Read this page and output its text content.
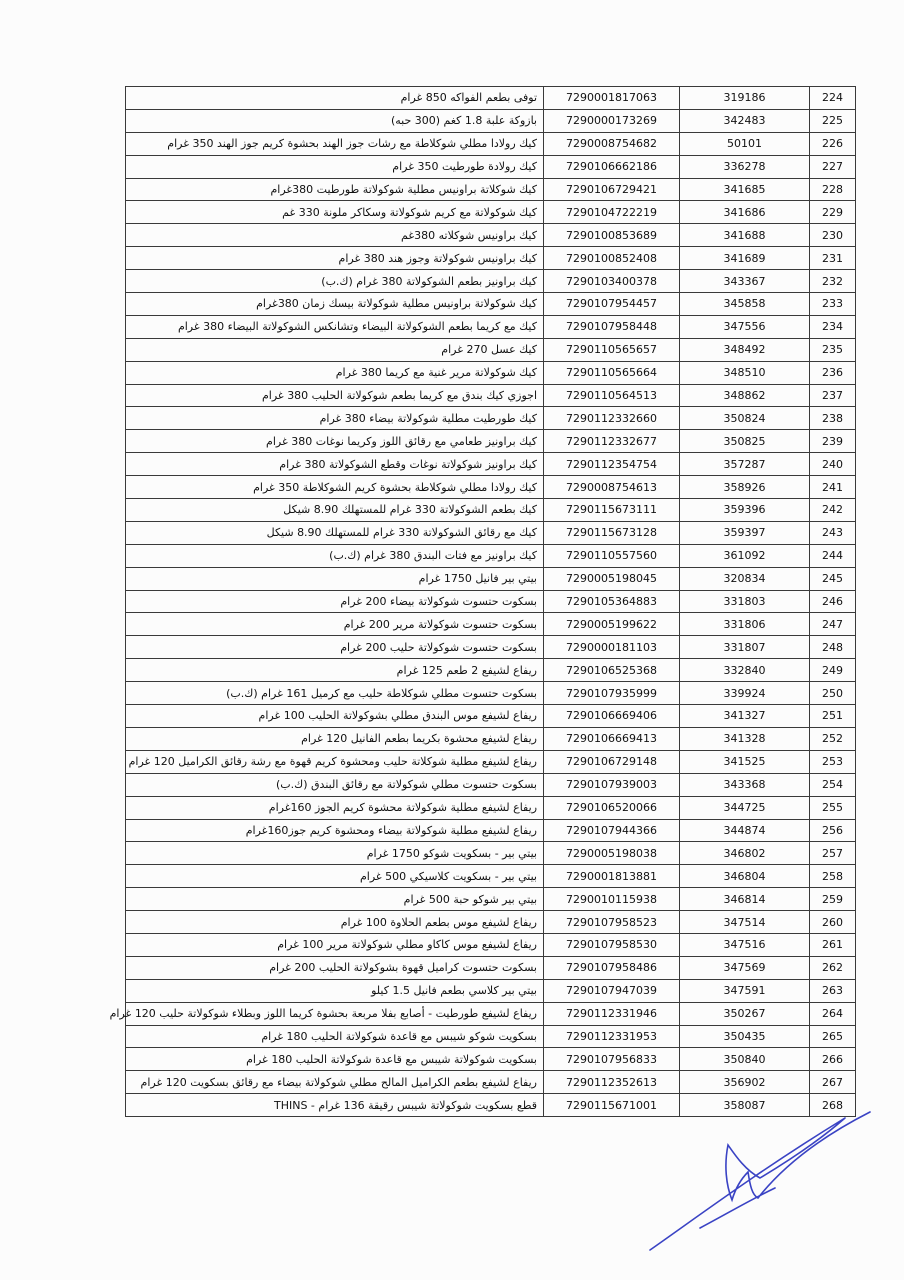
توفى بطعم الفواكه 850 غرام	7290001817063	319186	224
بازوكة علبة 1.8 كغم (300 حبه)	7290000173269	342483	225
كيك رولادا مطلي شوكلاطة مع رشات جوز الهند بحشوة كريم جوز الهند 350 غرام	7290008754682	50101	226
كيك رولادة طورطيت 350 غرام	7290106662186	336278	227
كيك شوكلاتة براونيس مطلية شوكولاتة طورطيت 380غرام	7290106729421	341685	228
كيك شوكولاتة مع كريم شوكولاتة وسكاكر ملونة 330 غم	7290104722219	341686	229
كيك براونيس شوكلاته 380غم	7290100853689	341688	230
كيك براونيس شوكولاتة وجوز هند 380 غرام	7290100852408	341689	231
كيك براونيز بطعم الشوكولاتة 380 غرام (ك.ب)	7290103400378	343367	232
كيك شوكولاتة براونيس مطلية شوكولاتة بيسك زمان 380غرام	7290107954457	345858	233
كيك مع كريما بطعم الشوكولاتة البيضاء وتشانكس الشوكولاتة البيضاء 380 غرام	7290107958448	347556	234
كيك عسل 270 غرام	7290110565657	348492	235
كيك شوكولاتة مرير غنية مع كريما 380 غرام	7290110565664	348510	236
اجوزي كيك بندق مع كريما بطعم شوكولاتة الحليب 380 غرام	7290110564513	348862	237
كيك طورطيت مطلية شوكولاتة بيضاء 380 غرام	7290112332660	350824	238
كيك براونيز طعامي مع رقائق اللوز وكريما نوغات 380 غرام	7290112332677	350825	239
كيك براونيز شوكولاتة نوغات وقطع الشوكولاتة 380 غرام	7290112354754	357287	240
كيك رولادا مطلي شوكلاطة بحشوة كريم الشوكلاطة 350 غرام	7290008754613	358926	241
كيك بطعم الشوكولاتة 330 غرام للمستهلك 8.90 شيكل	7290115673111	359396	242
كيك مع رقائق الشوكولاتة 330 غرام للمستهلك 8.90 شيكل	7290115673128	359397	243
كيك براونيز مع فتات البندق 380 غرام (ك.ب)	7290110557560	361092	244
بيتي بير فانيل 1750 غرام	7290005198045	320834	245
بسكوت حتسوت شوكولاتة بيضاء 200 غرام	7290105364883	331803	246
بسكوت حتسوت شوكولاتة مرير 200 غرام	7290005199622	331806	247
بسكوت حتسوت شوكولاتة حليب 200 غرام	7290000181103	331807	248
ريفاع لشيفع 2 طعم 125 غرام	7290106525368	332840	249
بسكوت حتسوت مطلي شوكلاطة حليب مع كرميل 161 غرام (ك.ب)	7290107935999	339924	250
ريفاع لشيفع موس البندق مطلي بشوكولاتة الحليب 100 غرام	7290106669406	341327	251
ريفاع لشيفع محشوة بكريما بطعم الفانيل 120 غرام	7290106669413	341328	252
ريفاع لشيفع مطلية شوكلاتة حليب ومحشوة كريم قهوة مع رشة رقائق الكراميل 120 غرام	7290106729148	341525	253
بسكوت حتسوت مطلي شوكولاتة مع رقائق البندق (ك.ب)	7290107939003	343368	254
ريفاع لشيفع مطلية شوكولاتة محشوة كريم الجوز 160غرام	7290106520066	344725	255
ريفاع لشيفع مطلية شوكولاتة بيضاء ومحشوة كريم جوز160غرام	7290107944366	344874	256
بيتي بير - بسكويت شوكو 1750 غرام	7290005198038	346802	257
بيتي بير - بسكويت كلاسيكي 500 غرام	7290001813881	346804	258
بيتي بير شوكو حبة 500 غرام	7290010115938	346814	259
ريفاع لشيفع موس بطعم الحلاوة 100 غرام	7290107958523	347514	260
ريفاع لشيفع موس كاكاو مطلي شوكولاتة مرير 100 غرام	7290107958530	347516	261
بسكوت حتسوت كراميل قهوة بشوكولاتة الحليب 200 غرام	7290107958486	347569	262
بيتي بير كلاسي بطعم فانيل 1.5 كيلو	7290107947039	347591	263
ريفاع لشيفع طورطيت - أصابع بفلا مربعة بحشوة كريما اللوز وبطلاء شوكولاتة حليب 120 غرام	7290112331946	350267	264
بسكويت شوكو شيبس مع قاعدة شوكولاتة الحليب 180 غرام	7290112331953	350435	265
بسكويت شوكولاتة شيبس مع قاعدة شوكولاتة الحليب 180 غرام	7290107956833	350840	266
ريفاع لشيفع بطعم الكراميل المالح مطلي شوكولاتة بيضاء مع رقائق بسكويت 120 غرام	7290112352613	356902	267
قطع بسكويت شوكولاتة شيبس رقيقة 136 غرام - THINS	7290115671001	358087	268
